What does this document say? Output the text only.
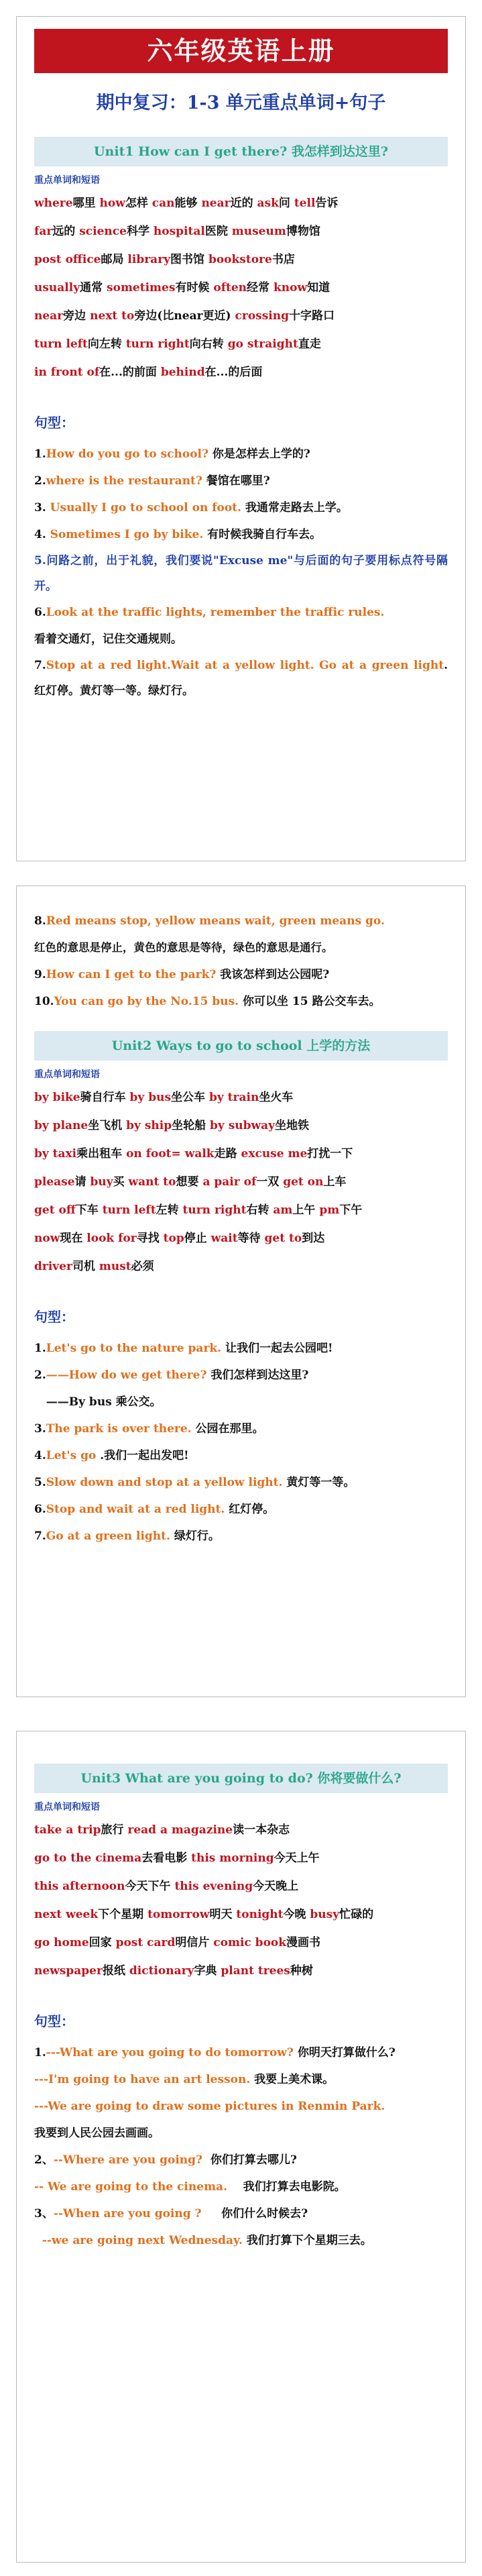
六年级英语上册
期中复习：1-3 单元重点单词+句子
Unit1 How can I get there? 我怎样到达这里?
重点单词和短语
where哪里 how怎样 can能够 near近的 ask问 tell告诉
far远的 science科学 hospital医院 museum博物馆
post office邮局 library图书馆 bookstore书店
usually通常 sometimes有时候 often经常 know知道
near旁边 next to旁边(比near更近) crossing十字路口
turn left向左转 turn right向右转 go straight直走
in front of在...的前面 behind在...的后面
句型：
1.How do you go to school? 你是怎样去上学的?
2.where is the restaurant? 餐馆在哪里?
3. Usually I go to school on foot. 我通常走路去上学。
4. Sometimes I go by bike. 有时候我骑自行车去。
5.问路之前，出于礼貌，我们要说"Excuse me"与后面的句子要用标点符号隔开。
6.Look at the traffic lights, remember the traffic rules.
看着交通灯，记住交通规则。
7.Stop at a red light.Wait at a yellow light. Go at a green light. 红灯停。黄灯等一等。绿灯行。
8.Red means stop, yellow means wait, green means go.
红色的意思是停止，黄色的意思是等待，绿色的意思是通行。
9.How can I get to the park? 我该怎样到达公园呢?
10.You can go by the No.15 bus. 你可以坐 15 路公交车去。
Unit2 Ways to go to school 上学的方法
重点单词和短语
by bike骑自行车 by bus坐公车 by train坐火车
by plane坐飞机 by ship坐轮船 by subway坐地铁
by taxi乘出租车 on foot= walk走路 excuse me打扰一下
please请 buy买 want to想要 a pair of一双 get on上车
get off下车 turn left左转 turn right右转 am上午 pm下午
now现在 look for寻找 top停止 wait等待 get to到达
driver司机 must必须
句型：
1.Let's go to the nature park. 让我们一起去公园吧!
2.——How do we get there? 我们怎样到达这里?
——By bus 乘公交。
3.The park is over there. 公园在那里。
4.Let's go .我们一起出发吧!
5.Slow down and stop at a yellow light. 黄灯等一等。
6.Stop and wait at a red light. 红灯停。
7.Go at a green light. 绿灯行。
Unit3 What are you going to do? 你将要做什么?
重点单词和短语
take a trip旅行 read a magazine读一本杂志
go to the cinema去看电影 this morning今天上午
this afternoon今天下午 this evening今天晚上
next week下个星期 tomorrow明天 tonight今晚 busy忙碌的
go home回家 post card明信片 comic book漫画书
newspaper报纸 dictionary字典 plant trees种树
句型：
1.---What are you going to do tomorrow? 你明天打算做什么?
---I'm going to have an art lesson. 我要上美术课。
---We are going to draw some pictures in Renmin Park.
我要到人民公园去画画。
2、--Where are you going?  你们打算去哪儿?
-- We are going to the cinema.    我们打算去电影院。
3、--When are you going ?     你们什么时候去?
--we are going next Wednesday. 我们打算下个星期三去。
